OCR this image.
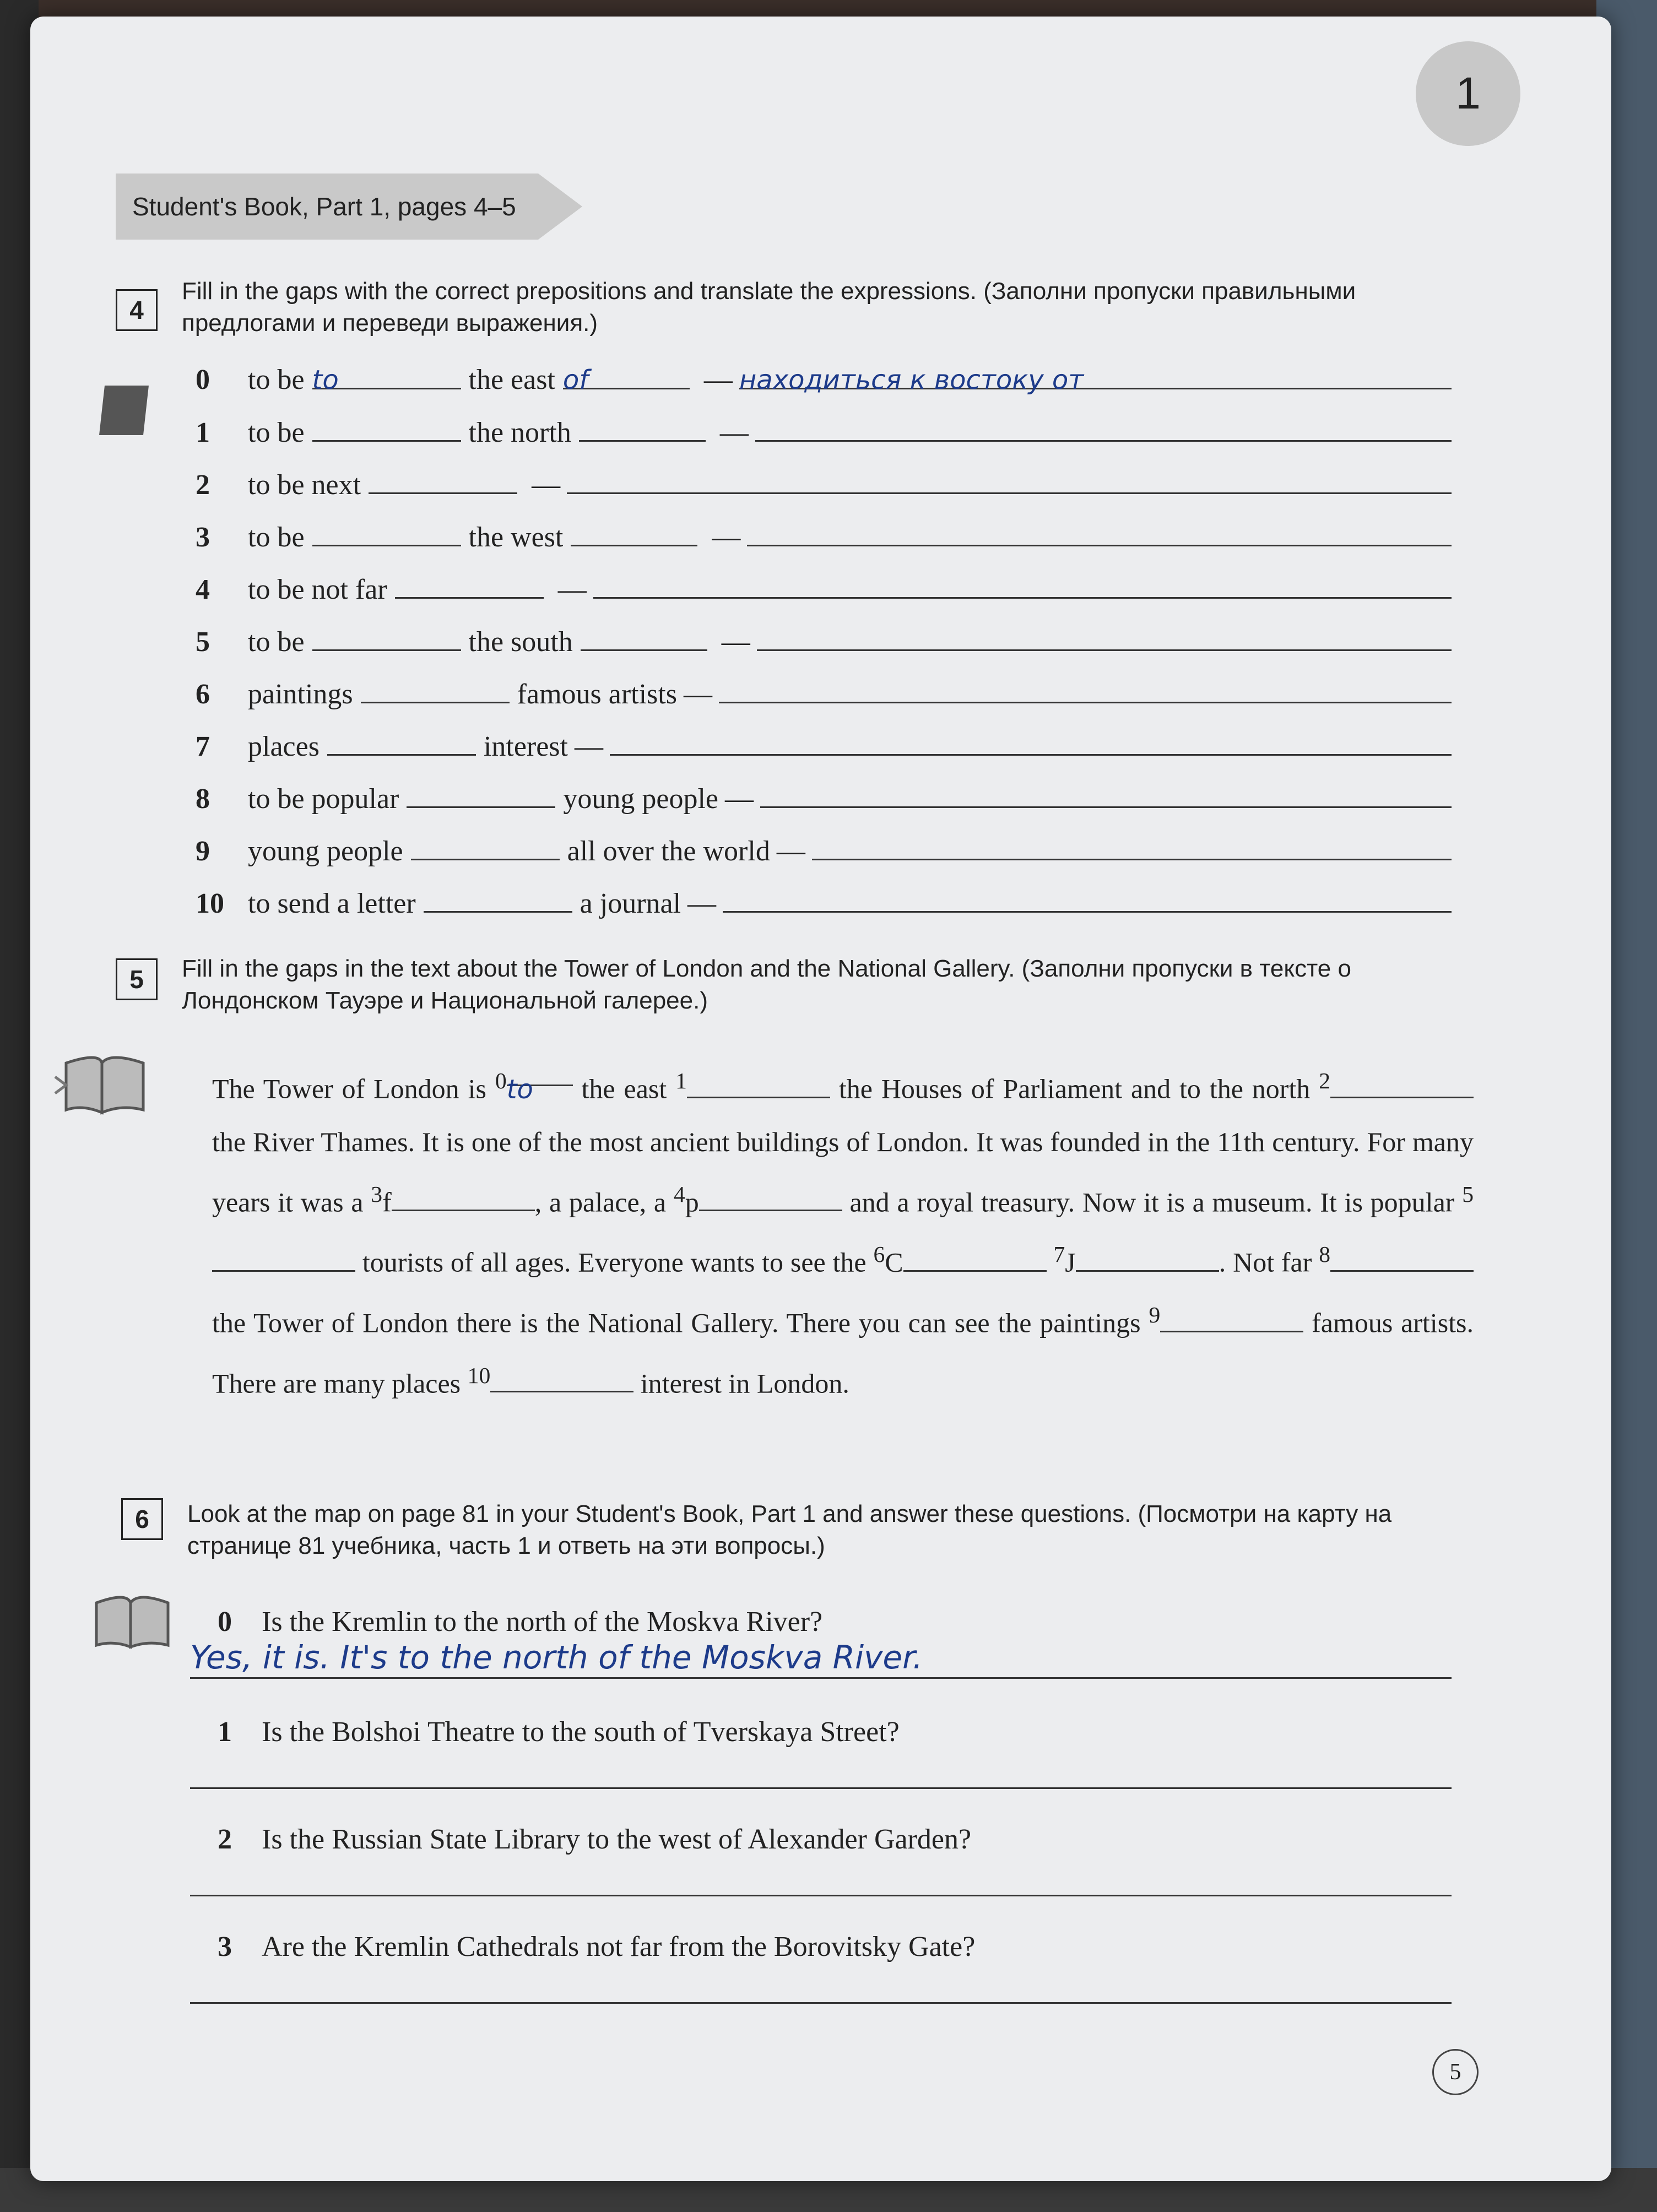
1
Student's Book, Part 1, pages 4–5
4
Fill in the gaps with the correct prepositions and translate the expressions. (Заполни пропуски правильными предлогами и переведи выражения.)
0	to be to	the east of	— находиться к востоку от
1	to be	the north	—
2	to be next	—
3	to be	the west	—
4	to be not far	—
5	to be	the south	—
6	paintings	famous artists —
7	places	interest —
8	to be popular	young people —
9	young people	all over the world —
10 to send a letter	a journal —
5	Fill in the gaps in the text about the Tower of London and the National Gallery. (Заполни пропуски в тексте о Лондонском Тауэре и Национальной галерее.)
The Tower of London is $^0$to the east $^1$	the Houses of Parliament and to the north $^2$ the River Thames. It is one of the most ancient buildings of London. It was founded in the 11th century. For many years it was a $^3$f	, a palace, a $^4$p	and a royal treasury. Now it is a museum. It is popular $^5$ tourists of all ages. Everyone wants to see the $^6$C	$^7$J	. Not far $^8$ the Tower of London there is the National Gallery. There you can see the paintings $^9$	famous artists. There are many places $^{10}$	interest in London.
6	Look at the map on page 81 in your Student's Book, Part 1 and answer these questions. (Посмотри на карту на странице 81 учебника, часть 1 и ответь на эти вопросы.)
0 Is the Kremlin to the north of the Moskva River?
Yes, it is. It's to the north of the Moskva River.
1 Is the Bolshoi Theatre to the south of Tverskaya Street?
2 Is the Russian State Library to the west of Alexander Garden?
3 Are the Kremlin Cathedrals not far from the Borovitsky Gate?
5
